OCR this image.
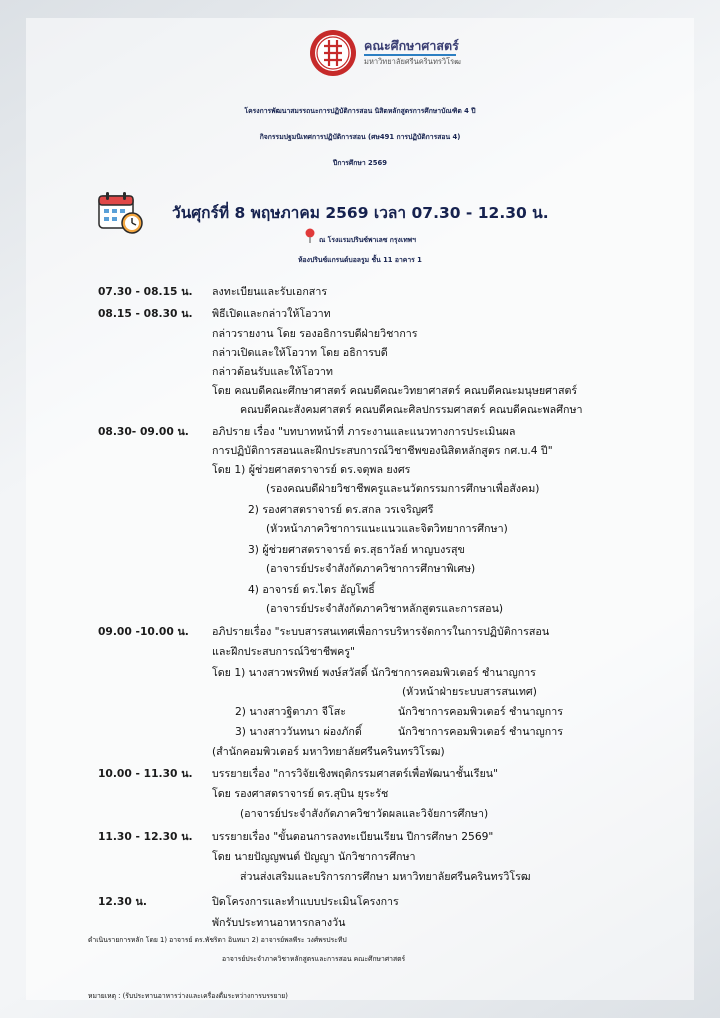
คณะศึกษาศาสตร์
มหาวิทยาลัยศรีนครินทรวิโรฒ
โครงการพัฒนาสมรรถนะการปฏิบัติการสอน นิสิตหลักสูตรการศึกษาบัณฑิต 4 ปี
กิจกรรมปฐมนิเทศการปฏิบัติการสอน (ศษ491 การปฏิบัติการสอน 4)
ปีการศึกษา 2569
วันศุกร์ที่ 8 พฤษภาคม 2569 เวลา 07.30 - 12.30 น.
ณ โรงแรมปรินซ์พาเลซ กรุงเทพฯ
ห้องปรินซ์แกรนด์บอลรูม ชั้น 11 อาคาร 1
07.30 - 08.15 น. ลงทะเบียนและรับเอกสาร
08.15 - 08.30 น. พิธีเปิดและกล่าวให้โอวาท
กล่าวรายงาน โดย รองอธิการบดีฝ่ายวิชาการ
กล่าวเปิดและให้โอวาท โดย อธิการบดี
กล่าวต้อนรับและให้โอวาท
โดย คณบดีคณะศึกษาศาสตร์ คณบดีคณะวิทยาศาสตร์ คณบดีคณะมนุษยศาสตร์
คณบดีคณะสังคมศาสตร์ คณบดีคณะศิลปกรรมศาสตร์ คณบดีคณะพลศึกษา
08.30- 09.00 น. อภิปราย เรื่อง "บทบาทหน้าที่ ภาระงานและแนวทางการประเมินผล
การปฏิบัติการสอนและฝึกประสบการณ์วิชาชีพของนิสิตหลักสูตร กศ.บ.4 ปี"
โดย 1) ผู้ช่วยศาสตราจารย์ ดร.จตุพล ยงศร
(รองคณบดีฝ่ายวิชาชีพครูและนวัตกรรมการศึกษาเพื่อสังคม)
2) รองศาสตราจารย์ ดร.สกล วรเจริญศรี
(หัวหน้าภาควิชาการแนะแนวและจิตวิทยาการศึกษา)
3) ผู้ช่วยศาสตราจารย์ ดร.สุธาวัลย์ หาญบงรสุข
(อาจารย์ประจำสังกัดภาควิชาการศึกษาพิเศษ)
4) อาจารย์ ดร.ไตร อัญโพธิ์
(อาจารย์ประจำสังกัดภาควิชาหลักสูตรและการสอน)
09.00 -10.00 น. อภิปรายเรื่อง "ระบบสารสนเทศเพื่อการบริหารจัดการในการปฏิบัติการสอน
และฝึกประสบการณ์วิชาชีพครู"
โดย 1) นางสาวพรทิพย์ พงษ์สวัสดิ์ นักวิชาการคอมพิวเตอร์ ชำนาญการ
(หัวหน้าฝ่ายระบบสารสนเทศ)
2) นางสาวฐิตาภา จีโสะ	นักวิชาการคอมพิวเตอร์ ชำนาญการ
3) นางสาววันทนา ผ่องภักดิ์	นักวิชาการคอมพิวเตอร์ ชำนาญการ
(สำนักคอมพิวเตอร์ มหาวิทยาลัยศรีนครินทรวิโรฒ)
10.00 - 11.30 น. บรรยายเรื่อง "การวิจัยเชิงพฤติกรรมศาสตร์เพื่อพัฒนาชั้นเรียน"
โดย รองศาสตราจารย์ ดร.สุบิน ยุระรัช
(อาจารย์ประจำสังกัดภาควิชาวัดผลและวิจัยการศึกษา)
11.30 - 12.30 น. บรรยายเรื่อง "ขั้นตอนการลงทะเบียนเรียน ปีการศึกษา 2569"
โดย นายปัญญพนต์ ปัญญา นักวิชาการศึกษา
ส่วนส่งเสริมและบริการการศึกษา มหาวิทยาลัยศรีนครินทรวิโรฒ
12.30 น.	ปิดโครงการและทำแบบประเมินโครงการ
พักรับประทานอาหารกลางวัน
ดำเนินรายการหลัก โดย 1) อาจารย์ ดร.พัชริดา อินทมา 2) อาจารย์พลพีระ วงศ์พรประทีป
อาจารย์ประจำภาควิชาหลักสูตรและการสอน คณะศึกษาศาสตร์
หมายเหตุ : (รับประทานอาหารว่างและเครื่องดื่มระหว่างการบรรยาย)
